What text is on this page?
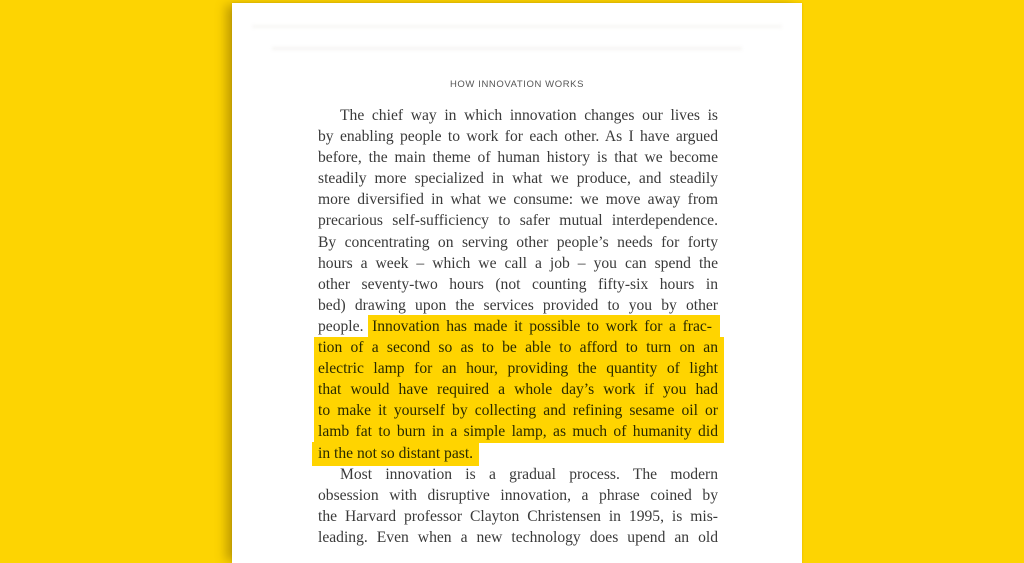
HOW INNOVATION WORKS
The chief way in which innovation changes our lives is
by enabling people to work for each other. As I have argued
before, the main theme of human history is that we become
steadily more specialized in what we produce, and steadily
more diversified in what we consume: we move away from
precarious self-sufficiency to safer mutual interdependence.
By concentrating on serving other people’s needs for forty
hours a week – which we call a job – you can spend the
other seventy-two hours (not counting fifty-six hours in
bed) drawing upon the services provided to you by other
people. Innovation has made it possible to work for a frac-
tion of a second so as to be able to afford to turn on an
electric lamp for an hour, providing the quantity of light
that would have required a whole day’s work if you had
to make it yourself by collecting and refining sesame oil or
lamb fat to burn in a simple lamp, as much of humanity did
in the not so distant past.
Most innovation is a gradual process. The modern
obsession with disruptive innovation, a phrase coined by
the Harvard professor Clayton Christensen in 1995, is mis-
leading. Even when a new technology does upend an old
